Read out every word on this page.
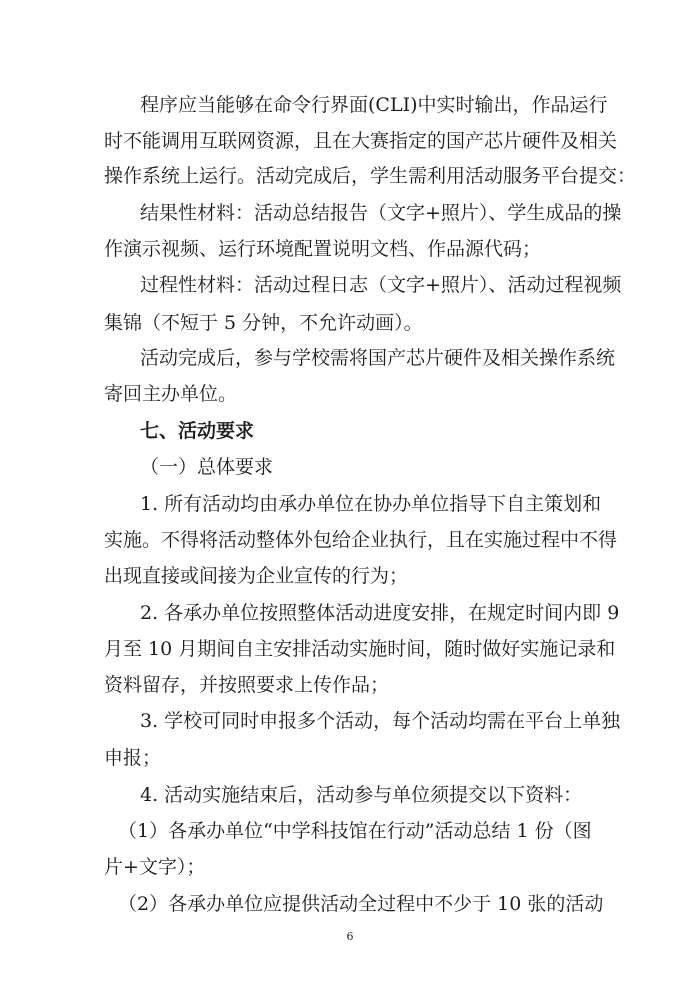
程序应当能够在命令行界面(CLI)中实时输出，作品运行
时不能调用互联网资源，且在大赛指定的国产芯片硬件及相关
操作系统上运行。活动完成后，学生需利用活动服务平台提交：
结果性材料：活动总结报告（文字+照片）、学生成品的操
作演示视频、运行环境配置说明文档、作品源代码；
过程性材料：活动过程日志（文字+照片）、活动过程视频
集锦（不短于 5 分钟，不允许动画）。
活动完成后，参与学校需将国产芯片硬件及相关操作系统
寄回主办单位。
七、活动要求
（一）总体要求
1. 所有活动均由承办单位在协办单位指导下自主策划和
实施。不得将活动整体外包给企业执行，且在实施过程中不得
出现直接或间接为企业宣传的行为；
2. 各承办单位按照整体活动进度安排，在规定时间内即 9
月至 10 月期间自主安排活动实施时间，随时做好实施记录和
资料留存，并按照要求上传作品；
3. 学校可同时申报多个活动，每个活动均需在平台上单独
申报；
4. 活动实施结束后，活动参与单位须提交以下资料：
（1）各承办单位“中学科技馆在行动”活动总结 1 份（图
片+文字）；
（2）各承办单位应提供活动全过程中不少于 10 张的活动
6
